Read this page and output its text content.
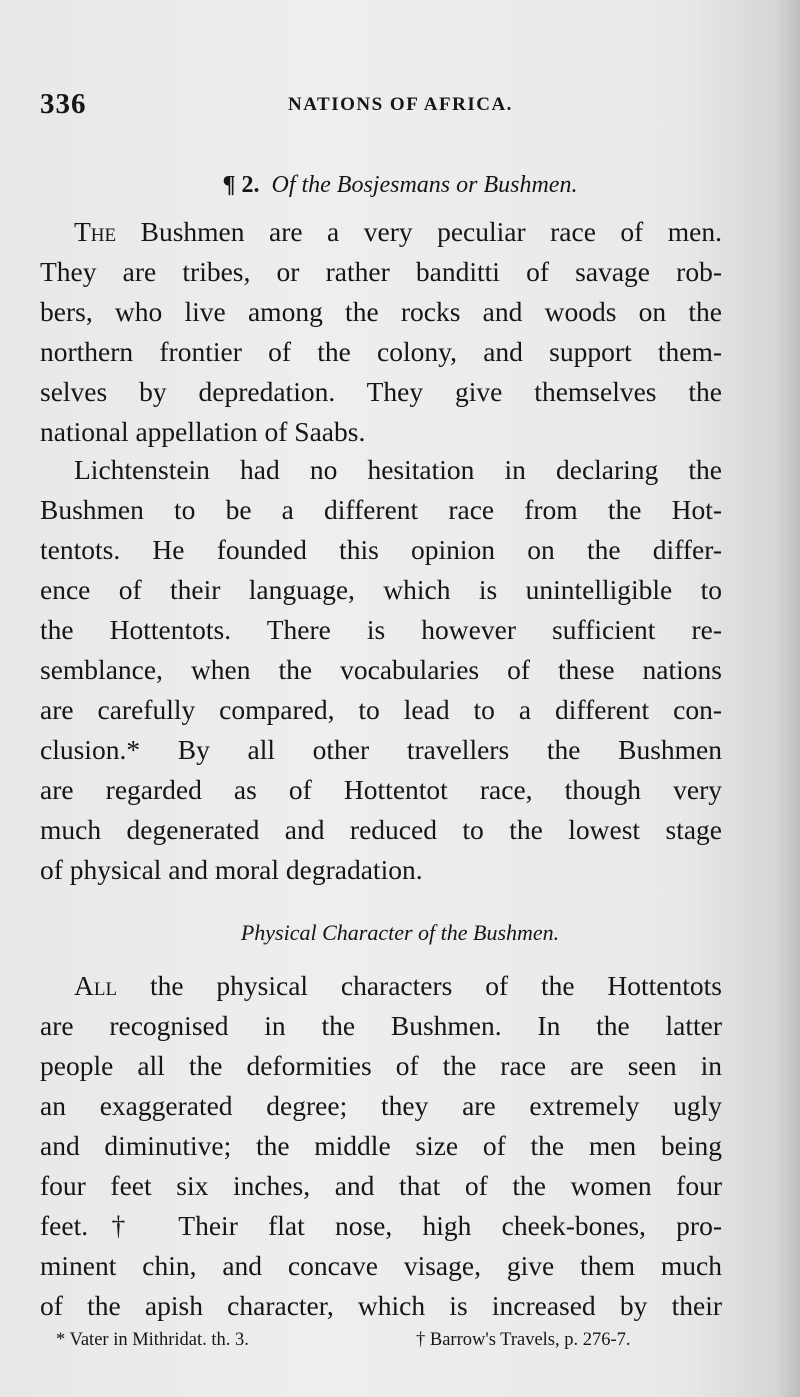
336	NATIONS OF AFRICA.
¶ 2. Of the Bosjesmans or Bushmen.
The Bushmen are a very peculiar race of men.
They are tribes, or rather banditti of savage rob-
bers, who live among the rocks and woods on the
northern frontier of the colony, and support them-
selves by depredation. They give themselves the
national appellation of Saabs.
Lichtenstein had no hesitation in declaring the
Bushmen to be a different race from the Hot-
tentots. He founded this opinion on the differ-
ence of their language, which is unintelligible to
the Hottentots. There is however sufficient re-
semblance, when the vocabularies of these nations
are carefully compared, to lead to a different con-
clusion.* By all other travellers the Bushmen
are regarded as of Hottentot race, though very
much degenerated and reduced to the lowest stage
of physical and moral degradation.
Physical Character of the Bushmen.
All the physical characters of the Hottentots
are recognised in the Bushmen. In the latter
people all the deformities of the race are seen in
an exaggerated degree; they are extremely ugly
and diminutive; the middle size of the men being
four feet six inches, and that of the women four
feet.† Their flat nose, high cheek-bones, pro-
minent chin, and concave visage, give them much
of the apish character, which is increased by their
* Vater in Mithridat. th. 3.	† Barrow's Travels, p. 276-7.
